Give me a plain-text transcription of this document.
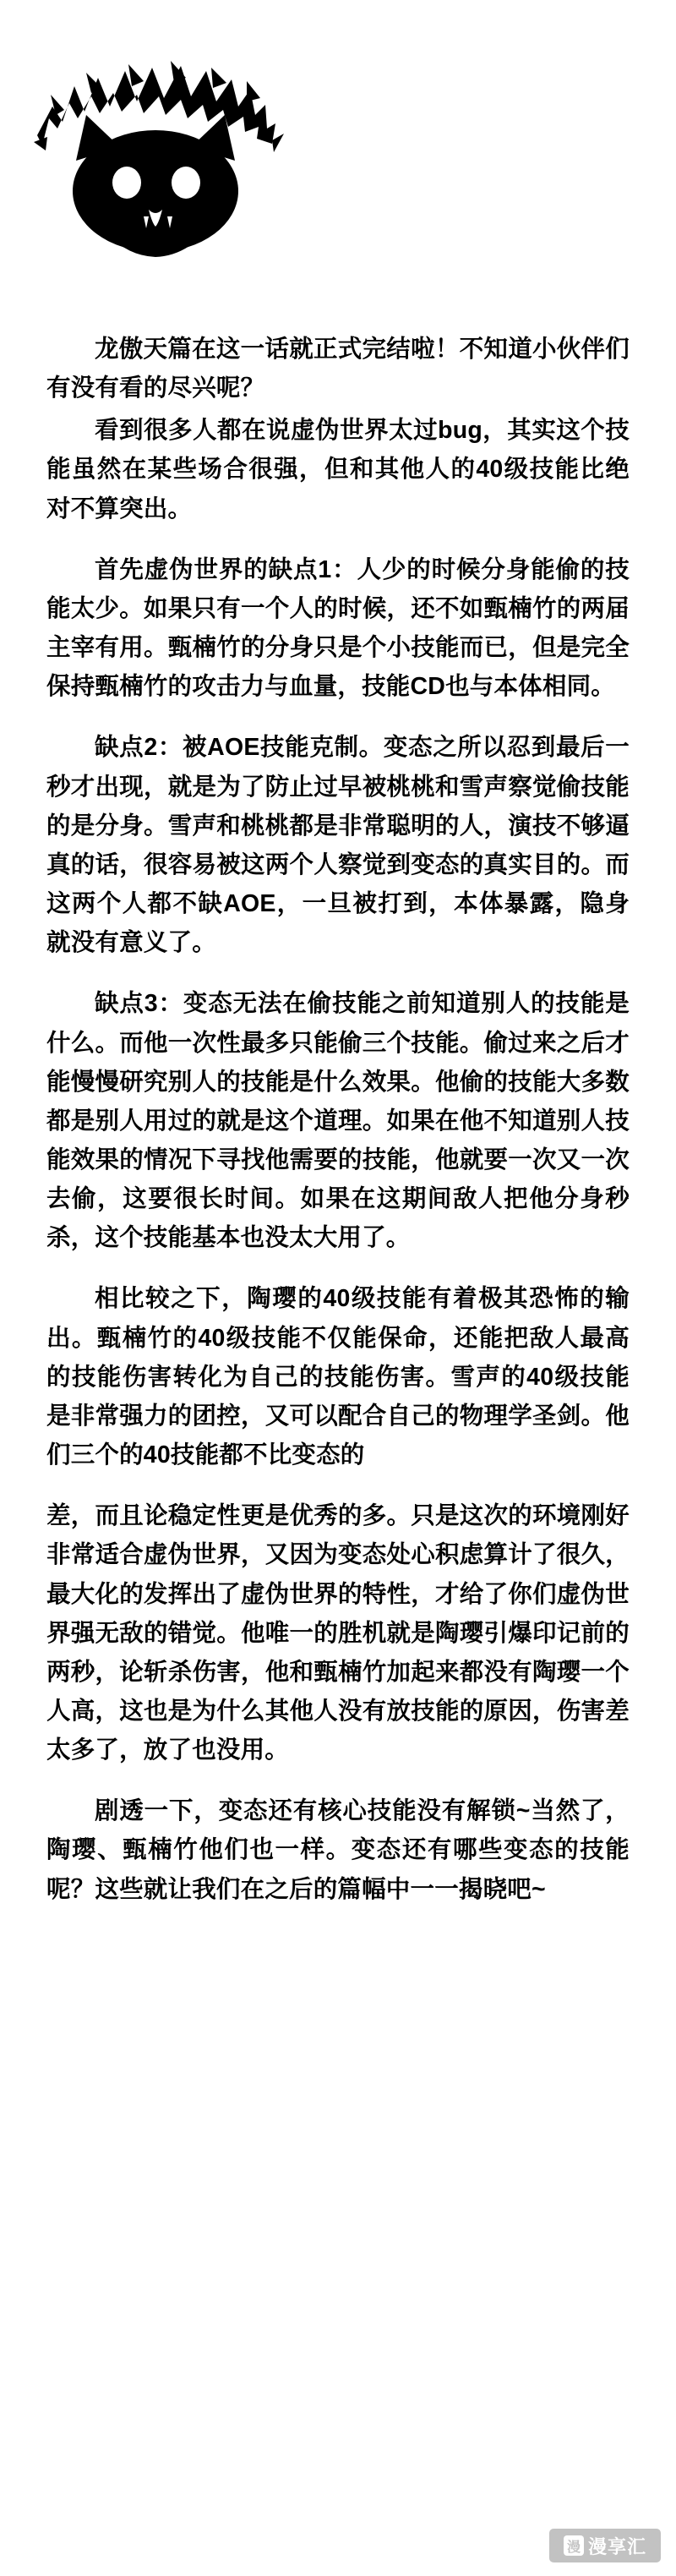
龙傲天篇在这一话就正式完结啦！不知道小伙伴们有没有看的尽兴呢？

看到很多人都在说虚伪世界太过bug，其实这个技能虽然在某些场合很强，但和其他人的40级技能比绝对不算突出。

首先虚伪世界的缺点1：人少的时候分身能偷的技能太少。如果只有一个人的时候，还不如甄楠竹的两届主宰有用。甄楠竹的分身只是个小技能而已，但是完全保持甄楠竹的攻击力与血量，技能CD也与本体相同。

缺点2：被AOE技能克制。变态之所以忍到最后一秒才出现，就是为了防止过早被桃桃和雪声察觉偷技能的是分身。雪声和桃桃都是非常聪明的人，演技不够逼真的话，很容易被这两个人察觉到变态的真实目的。而这两个人都不缺AOE，一旦被打到，本体暴露，隐身就没有意义了。

缺点3：变态无法在偷技能之前知道别人的技能是什么。而他一次性最多只能偷三个技能。偷过来之后才能慢慢研究别人的技能是什么效果。他偷的技能大多数都是别人用过的就是这个道理。如果在他不知道别人技能效果的情况下寻找他需要的技能，他就要一次又一次去偷，这要很长时间。如果在这期间敌人把他分身秒杀，这个技能基本也没太大用了。

相比较之下，陶璎的40级技能有着极其恐怖的输出。甄楠竹的40级技能不仅能保命，还能把敌人最高的技能伤害转化为自己的技能伤害。雪声的40级技能是非常强力的团控，又可以配合自己的物理学圣剑。他们三个的40技能都不比变态的

差，而且论稳定性更是优秀的多。只是这次的环境刚好非常适合虚伪世界，又因为变态处心积虑算计了很久，最大化的发挥出了虚伪世界的特性，才给了你们虚伪世界强无敌的错觉。他唯一的胜机就是陶璎引爆印记前的两秒，论斩杀伤害，他和甄楠竹加起来都没有陶璎一个人高，这也是为什么其他人没有放技能的原因，伤害差太多了，放了也没用。

剧透一下，变态还有核心技能没有解锁~当然了，陶璎、甄楠竹他们也一样。变态还有哪些变态的技能呢？这些就让我们在之后的篇幅中一一揭晓吧~

漫 漫享汇
